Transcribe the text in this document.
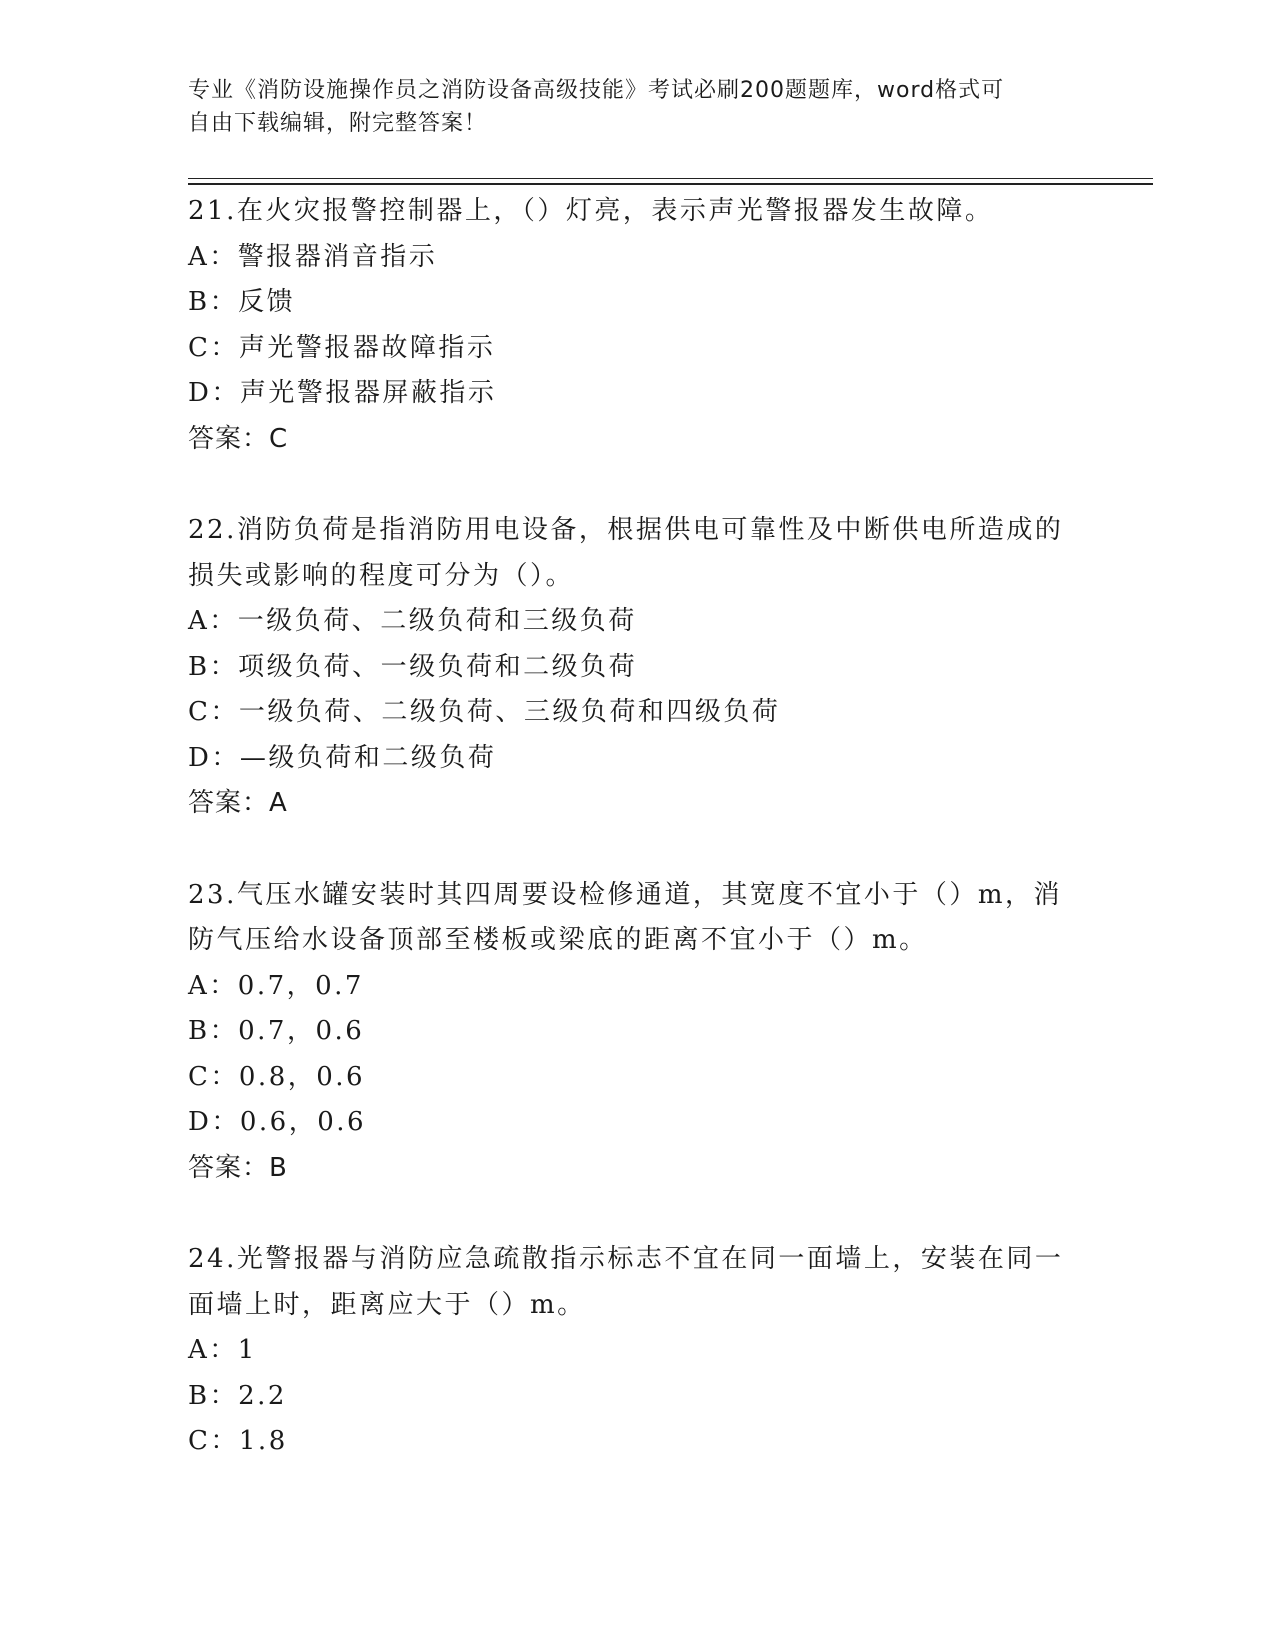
专业《消防设施操作员之消防设备高级技能》考试必刷200题题库，word格式可
自由下载编辑，附完整答案！
21.在火灾报警控制器上，（）灯亮，表示声光警报器发生故障。
A：警报器消音指示
B：反馈
C：声光警报器故障指示
D：声光警报器屏蔽指示
答案：C
22.消防负荷是指消防用电设备，根据供电可靠性及中断供电所造成的
损失或影响的程度可分为（）。
A：一级负荷、二级负荷和三级负荷
B：项级负荷、一级负荷和二级负荷
C：一级负荷、二级负荷、三级负荷和四级负荷
D：—级负荷和二级负荷
答案：A
23.气压水罐安装时其四周要设检修通道，其宽度不宜小于（）m，消
防气压给水设备顶部至楼板或梁底的距离不宜小于（）m。
A：0.7，0.7
B：0.7，0.6
C：0.8，0.6
D：0.6，0.6
答案：B
24.光警报器与消防应急疏散指示标志不宜在同一面墙上，安装在同一
面墙上时，距离应大于（）m。
A：1
B：2.2
C：1.8
